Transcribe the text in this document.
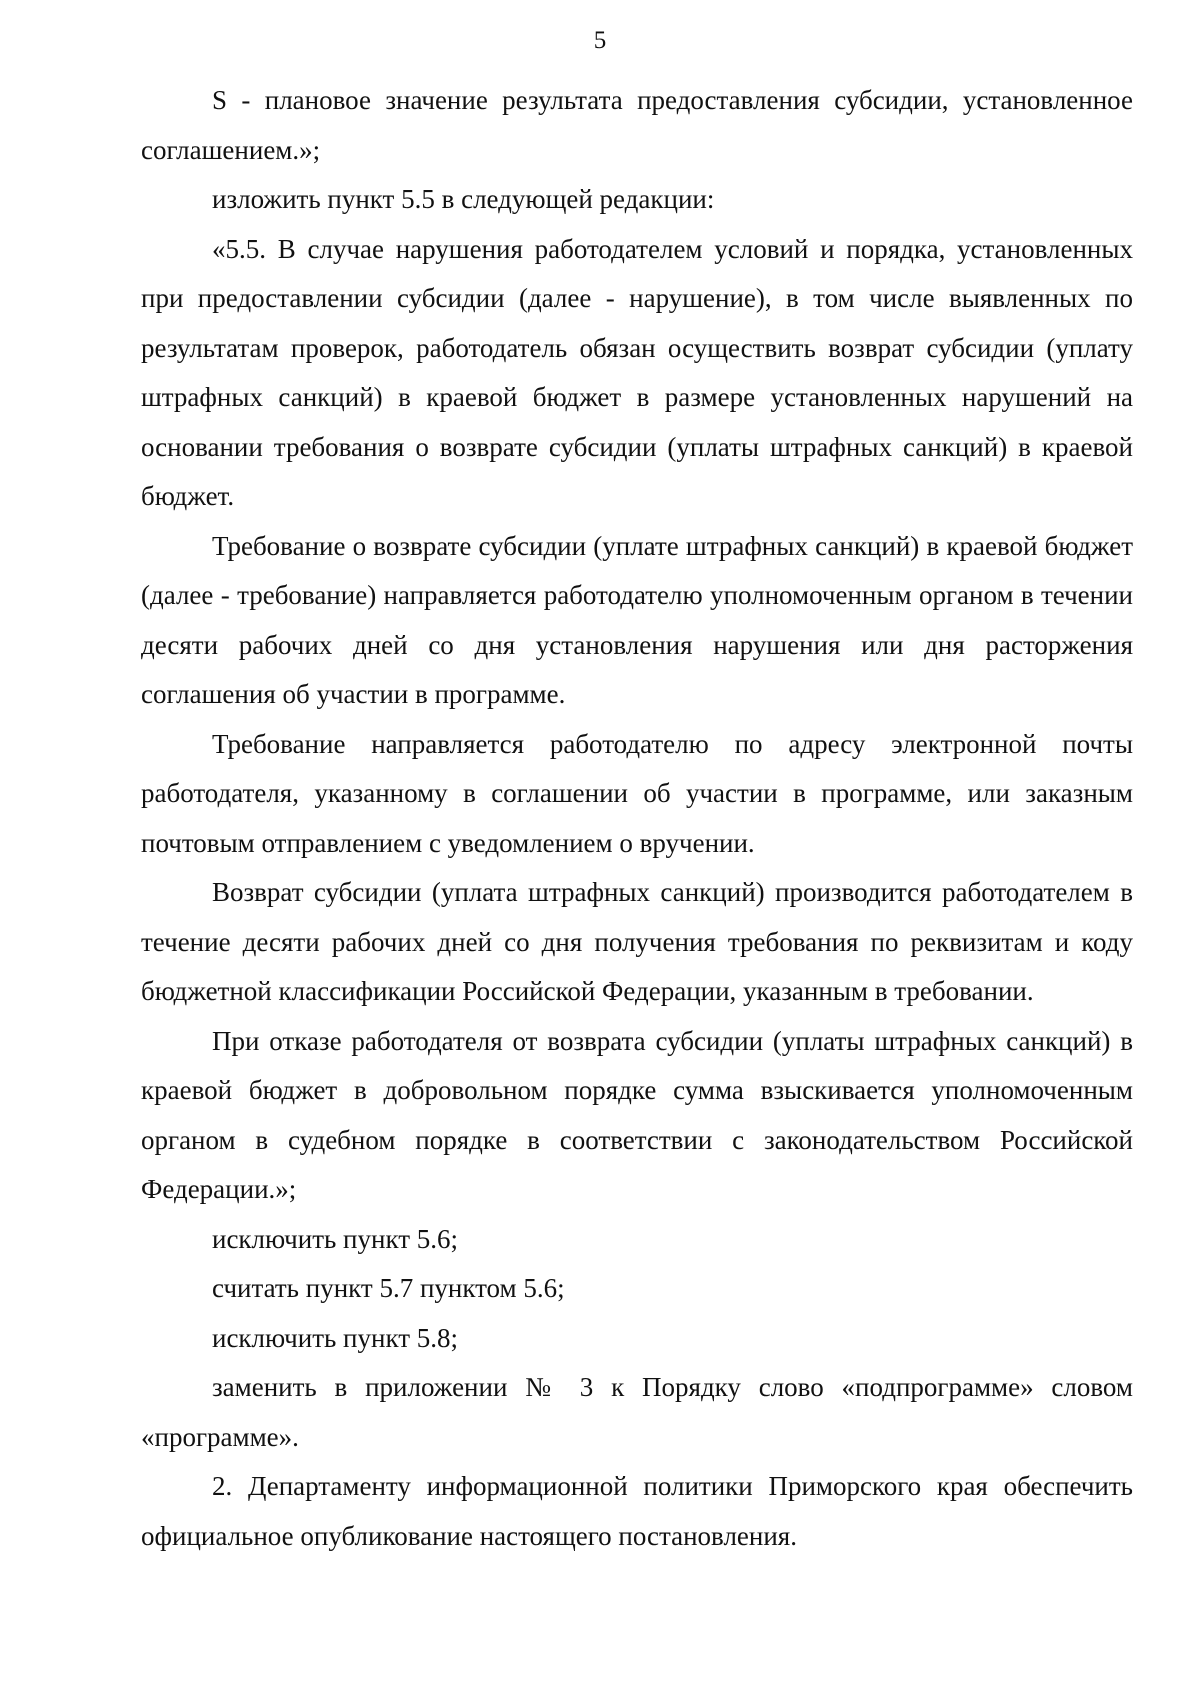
5

S - плановое значение результата предоставления субсидии, установленное соглашением.»;

изложить пункт 5.5 в следующей редакции:

«5.5. В случае нарушения работодателем условий и порядка, установленных при предоставлении субсидии (далее - нарушение), в том числе выявленных по результатам проверок, работодатель обязан осуществить возврат субсидии (уплату штрафных санкций) в краевой бюджет в размере установленных нарушений на основании требования о возврате субсидии (уплаты штрафных санкций) в краевой бюджет.

Требование о возврате субсидии (уплате штрафных санкций) в краевой бюджет (далее - требование) направляется работодателю уполномоченным органом в течении десяти рабочих дней со дня установления нарушения или дня расторжения соглашения об участии в программе.

Требование направляется работодателю по адресу электронной почты работодателя, указанному в соглашении об участии в программе, или заказным почтовым отправлением с уведомлением о вручении.

Возврат субсидии (уплата штрафных санкций) производится работодателем в течение десяти рабочих дней со дня получения требования по реквизитам и коду бюджетной классификации Российской Федерации, указанным в требовании.

При отказе работодателя от возврата субсидии (уплаты штрафных санкций) в краевой бюджет в добровольном порядке сумма взыскивается уполномоченным органом в судебном порядке в соответствии с законодательством Российской Федерации.»;

исключить пункт 5.6;

считать пункт 5.7 пунктом 5.6;

исключить пункт 5.8;

заменить в приложении № 3 к Порядку слово «подпрограмме» словом «программе».

2. Департаменту информационной политики Приморского края обеспечить официальное опубликование настоящего постановления.
